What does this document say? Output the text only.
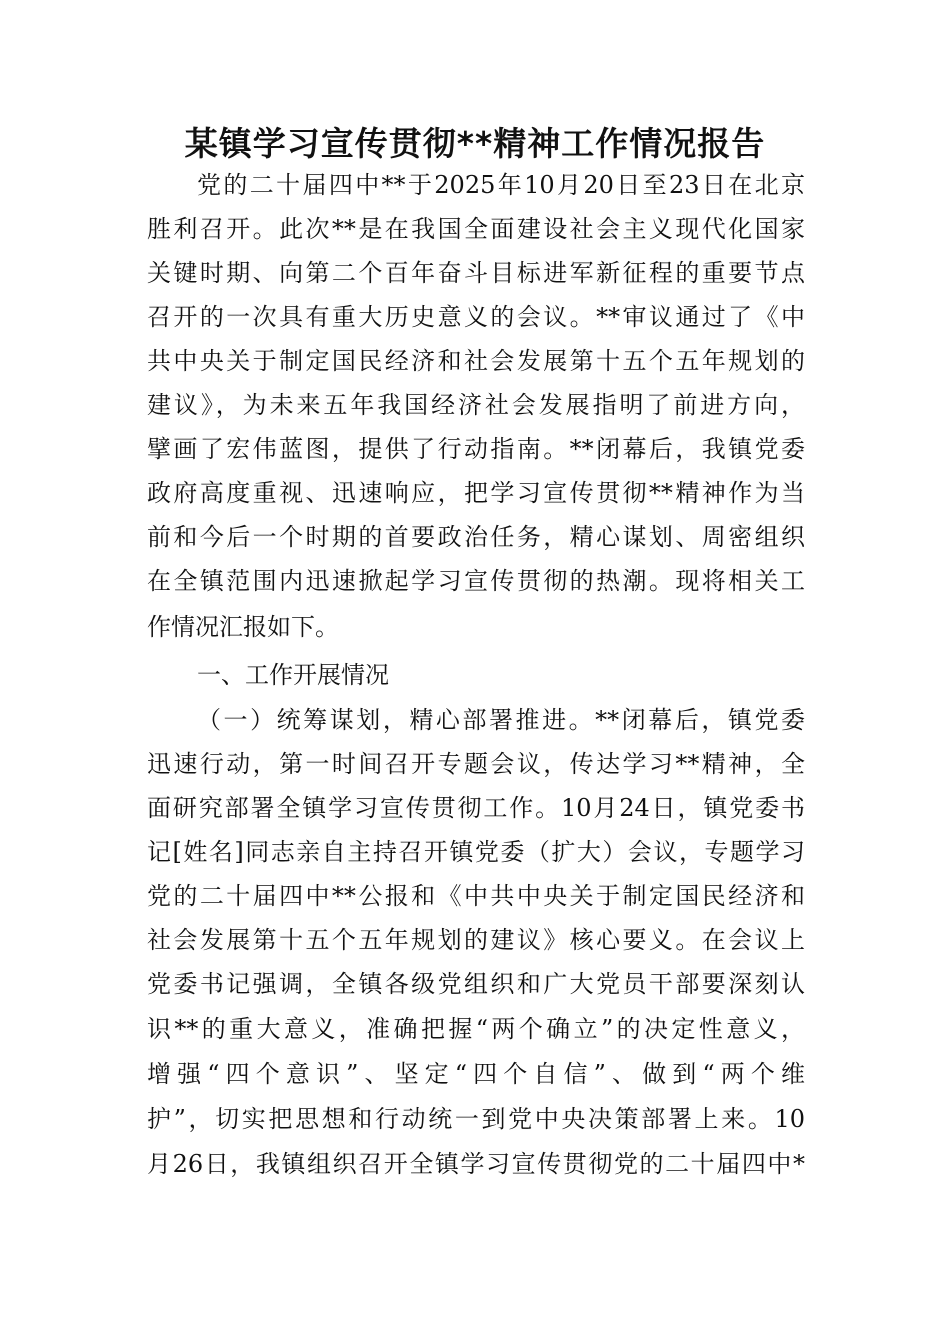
某镇学习宣传贯彻**精神工作情况报告
党的二十届四中**于2025年10月20日至23日在北京
胜利召开。此次**是在我国全面建设社会主义现代化国家
关键时期、向第二个百年奋斗目标进军新征程的重要节点
召开的一次具有重大历史意义的会议。**审议通过了《中
共中央关于制定国民经济和社会发展第十五个五年规划的
建议》，为未来五年我国经济社会发展指明了前进方向，
擘画了宏伟蓝图，提供了行动指南。**闭幕后，我镇党委
政府高度重视、迅速响应，把学习宣传贯彻**精神作为当
前和今后一个时期的首要政治任务，精心谋划、周密组织
在全镇范围内迅速掀起学习宣传贯彻的热潮。现将相关工
作情况汇报如下。
一、工作开展情况
（一）统筹谋划，精心部署推进。**闭幕后，镇党委
迅速行动，第一时间召开专题会议，传达学习**精神，全
面研究部署全镇学习宣传贯彻工作。10月24日，镇党委书
记[姓名]同志亲自主持召开镇党委（扩大）会议，专题学习
党的二十届四中**公报和《中共中央关于制定国民经济和
社会发展第十五个五年规划的建议》核心要义。在会议上
党委书记强调，全镇各级党组织和广大党员干部要深刻认
识**的重大意义，准确把握“两个确立”的决定性意义，
增强“四个意识”、坚定“四个自信”、做到“两个维
护”，切实把思想和行动统一到党中央决策部署上来。10
月26日，我镇组织召开全镇学习宣传贯彻党的二十届四中*
